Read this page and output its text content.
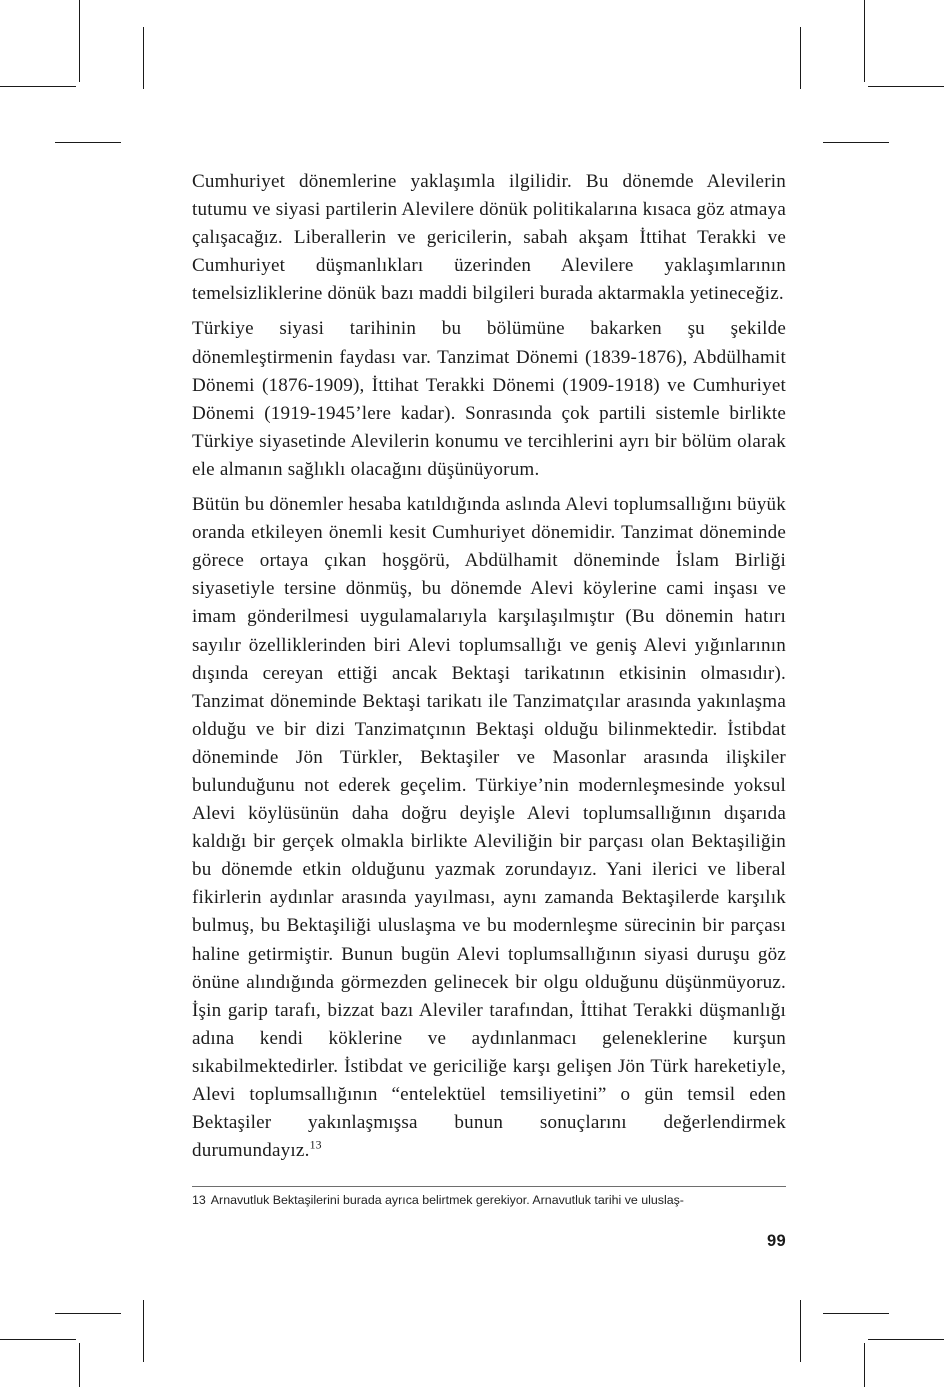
Cumhuriyet dönemlerine yaklaşımla ilgilidir. Bu dönemde Alevilerin tutumu ve siyasi partilerin Alevilere dönük politikalarına kısaca göz atmaya çalışacağız. Liberallerin ve gericilerin, sabah akşam İttihat Terakki ve Cumhuriyet düşmanlıkları üzerinden Alevilere yaklaşımlarının temelsizliklerine dönük bazı maddi bilgileri burada aktarmakla yetineceğiz.

Türkiye siyasi tarihinin bu bölümüne bakarken şu şekilde dönemleştirmenin faydası var. Tanzimat Dönemi (1839-1876), Abdülhamit Dönemi (1876-1909), İttihat Terakki Dönemi (1909-1918) ve Cumhuriyet Dönemi (1919-1945’lere kadar). Sonrasında çok partili sistemle birlikte Türkiye siyasetinde Alevilerin konumu ve tercihlerini ayrı bir bölüm olarak ele almanın sağlıklı olacağını düşünüyorum.

Bütün bu dönemler hesaba katıldığında aslında Alevi toplumsallığını büyük oranda etkileyen önemli kesit Cumhuriyet dönemidir. Tanzimat döneminde görece ortaya çıkan hoşgörü, Abdülhamit döneminde İslam Birliği siyasetiyle tersine dönmüş, bu dönemde Alevi köylerine cami inşası ve imam gönderilmesi uygulamalarıyla karşılaşılmıştır (Bu dönemin hatırı sayılır özelliklerinden biri Alevi toplumsallığı ve geniş Alevi yığınlarının dışında cereyan ettiği ancak Bektaşi tarikatının etkisinin olmasıdır). Tanzimat döneminde Bektaşi tarikatı ile Tanzimatçılar arasında yakınlaşma olduğu ve bir dizi Tanzimatçının Bektaşi olduğu bilinmektedir. İstibdat döneminde Jön Türkler, Bektaşiler ve Masonlar arasında ilişkiler bulunduğunu not ederek geçelim. Türkiye’nin modernleşmesinde yoksul Alevi köylüsünün daha doğru deyişle Alevi toplumsallığının dışarıda kaldığı bir gerçek olmakla birlikte Aleviliğin bir parçası olan Bektaşiliğin bu dönemde etkin olduğunu yazmak zorundayız. Yani ilerici ve liberal fikirlerin aydınlar arasında yayılması, aynı zamanda Bektaşilerde karşılık bulmuş, bu Bektaşiliği uluslaşma ve bu modernleşme sürecinin bir parçası haline getirmiştir. Bunun bugün Alevi toplumsallığının siyasi duruşu göz önüne alındığında görmezden gelinecek bir olgu olduğunu düşünmüyoruz. İşin garip tarafı, bizzat bazı Aleviler tarafından, İttihat Terakki düşmanlığı adına kendi köklerine ve aydınlanmacı geleneklerine kurşun sıkabilmektedirler. İstibdat ve gericiliğe karşı gelişen Jön Türk hareketiyle, Alevi toplumsallığının “entelektüel temsiliyetini” o gün temsil eden Bektaşiler yakınlaşmışsa bunun sonuçlarını değerlendirmek durumundayız.$^{13}$

13 Arnavutluk Bektaşilerini burada ayrıca belirtmek gerekiyor. Arnavutluk tarihi ve uluslaş-

99
